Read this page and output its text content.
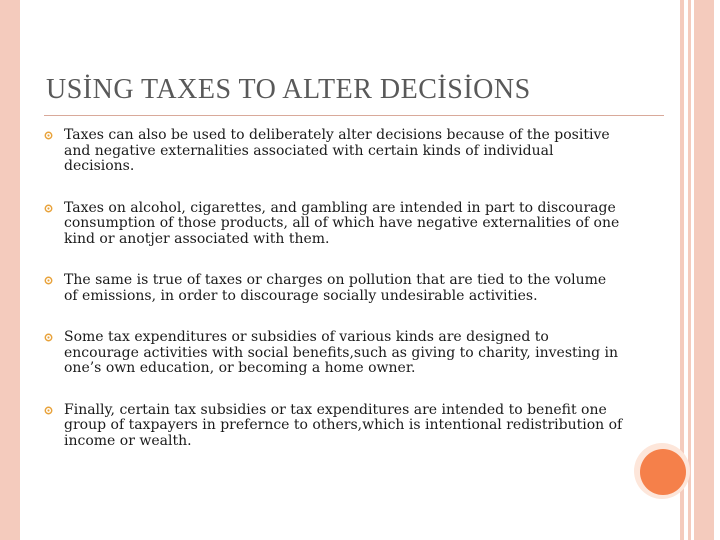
USİNG TAXES TO ALTER DECİSİONS
Taxes can also be used to deliberately alter decisions because of the positive and negative externalities associated with certain kinds of individual decisions.
Taxes on alcohol, cigarettes, and gambling are intended in part to discourage consumption of those products, all of which have negative externalities of one kind or anotjer associated with them.
The same is true of taxes or charges on pollution that are tied to the volume of emissions, in order to discourage socially undesirable activities.
Some tax expenditures or subsidies of various kinds are designed to encourage activities with social benefits,such as giving to charity, investing in one’s own education, or becoming a home owner.
Finally, certain tax subsidies or tax expenditures are intended to benefit one group of taxpayers in prefernce to others,which is intentional redistribution of income or wealth.
